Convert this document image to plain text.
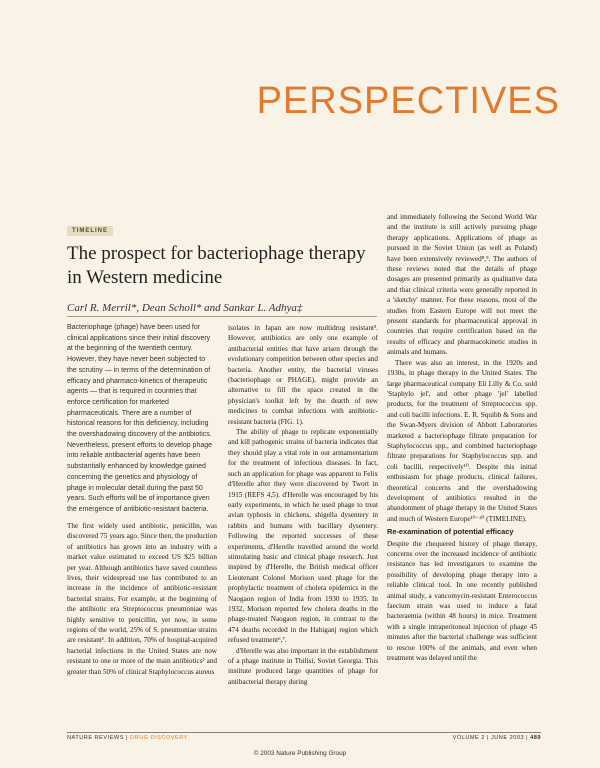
PERSPECTIVES
TIMELINE
The prospect for bacteriophage therapy in Western medicine
Carl R. Merril*, Dean Scholl* and Sankar L. Adhya‡
Bacteriophage (phage) have been used for clinical applications since their initial discovery at the beginning of the twentieth century. However, they have never been subjected to the scrutiny — in terms of the determination of efficacy and pharmaco-kinetics of therapeutic agents — that is required in countries that enforce certification for marketed pharmaceuticals. There are a number of historical reasons for this deficiency, including the overshadowing discovery of the antibiotics. Nevertheless, present efforts to develop phage into reliable antibacterial agents have been substantially enhanced by knowledge gained concerning the genetics and physiology of phage in molecular detail during the past 50 years. Such efforts will be of importance given the emergence of antibiotic-resistant bacteria.

The first widely used antibiotic, penicillin, was discovered 75 years ago. Since then, the production of antibiotics has grown into an industry with a market value estimated to exceed US $25 billion per year. Although antibiotics have saved countless lives, their widespread use has contributed to an increase in the incidence of antibiotic-resistant bacterial strains. For example, at the beginning of the antibiotic era Streptococcus pneumoniae was highly sensitive to penicillin, yet now, in some regions of the world, 25% of S. pneumoniae strains are resistant¹. In addition, 70% of hospital-acquired bacterial infections in the United States are now resistant to one or more of the main antibiotics² and greater than 50% of clinical Staphylococcus aureus

isolates in Japan are now multidrug resistant³. However, antibiotics are only one example of antibacterial entities that have arisen through the evolutionary competition between other species and bacteria. Another entity, the bacterial viruses (bacteriophage or PHAGE), might provide an alternative to fill the space created in the physician's toolkit left by the dearth of new medicines to combat infections with antibiotic-resistant bacteria (FIG. 1).

The ability of phage to replicate exponentially and kill pathogenic strains of bacteria indicates that they should play a vital role in our armamentarium for the treatment of infectious diseases. In fact, such an application for phage was apparent to Felix d'Herelle after they were discovered by Twort in 1915 (REFS 4,5). d'Herelle was encouraged by his early experiments, in which he used phage to treat avian typhosis in chickens, shigella dysentery in rabbits and humans with bacillary dysentery. Following the reported successes of these experiments, d'Herelle travelled around the world stimulating basic and clinical phage research. Just inspired by d'Herelle, the British medical officer Lieutenant Colonel Morison used phage for the prophylactic treatment of cholera epidemics in the Naogaon region of India from 1930 to 1935. In 1932, Morison reported few cholera deaths in the phage-treated Naogaon region, in contrast to the 474 deaths recorded in the Habiganj region which refused treatment⁶,⁷.

d'Herelle was also important in the establishment of a phage institute in Tbilisi, Soviet Georgia. This institute produced large quantities of phage for antibacterial therapy during

and immediately following the Second World War and the institute is still actively pursuing phage therapy applications. Applications of phage as pursued in the Soviet Union (as well as Poland) have been extensively reviewed⁸,⁹. The authors of these reviews noted that the details of phage dosages are presented primarily as qualitative data and that clinical criteria were generally reported in a 'sketchy' manner. For these reasons, most of the studies from Eastern Europe will not meet the present standards for pharmaceutical approval in countries that require certification based on the results of efficacy and pharmacokinetic studies in animals and humans.

There was also an interest, in the 1920s and 1930s, in phage therapy in the United States. The large pharmaceutical company Eli Lilly & Co. sold 'Staphylo jel', and other phage 'jel' labelled products, for the treatment of Streptococcus spp. and coli bacilli infections. E. R. Squibb & Sons and the Swan-Myers division of Abbott Laboratories marketed a bacteriophage filtrate preparation for Staphylococcus spp., and combined bacteriophage filtrate preparations for Staphylococcus spp. and coli bacilli, respectively¹⁰. Despite this initial enthusiasm for phage products, clinical failures, theoretical concerns and the overshadowing development of antibiotics resulted in the abandonment of phage therapy in the United States and much of Western Europe¹⁰⁻²⁰ (TIMELINE).

Re-examination of potential efficacy

Despite the chequered history of phage therapy, concerns over the increased incidence of antibiotic resistance has led investigators to examine the possibility of developing phage therapy into a reliable clinical tool. In one recently published animal study, a vancomycin-resistant Enterococcus faecium strain was used to induce a fatal bacteraemia (within 48 hours) in mice. Treatment with a single intraperitoneal injection of phage 45 minutes after the bacterial challenge was sufficient to rescue 100% of the animals, and even when treatment was delayed until the

NATURE REVIEWS | DRUG DISCOVERY	VOLUME 2 | JUNE 2003 | 489
© 2003 Nature Publishing Group
